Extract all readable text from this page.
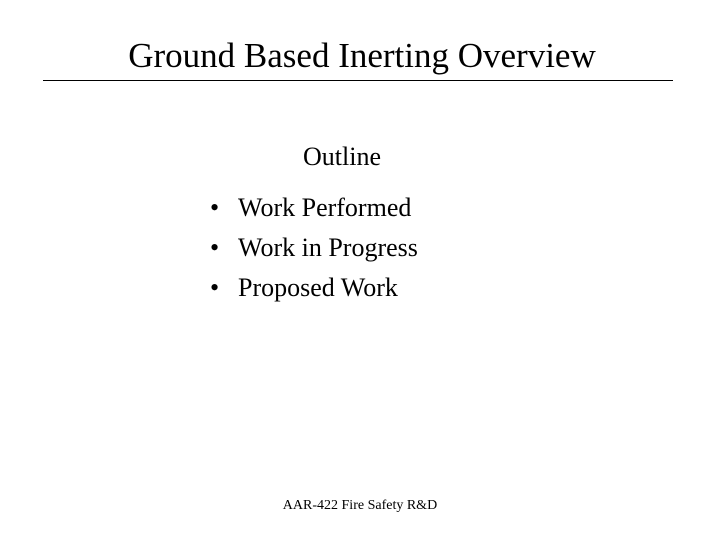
Ground Based Inerting Overview
Outline
• Work Performed
• Work in Progress
• Proposed Work
AAR-422 Fire Safety R&D
